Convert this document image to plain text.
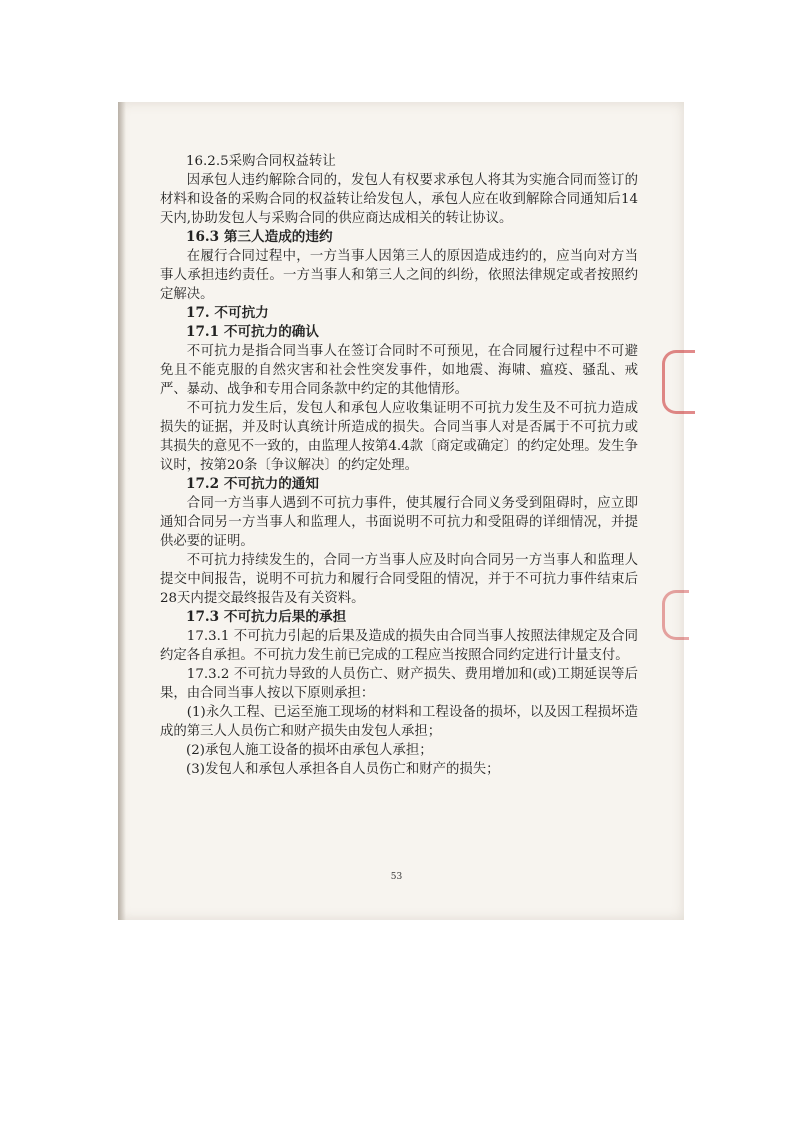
16.2.5采购合同权益转让

因承包人违约解除合同的，发包人有权要求承包人将其为实施合同而签订的材料和设备的采购合同的权益转让给发包人，承包人应在收到解除合同通知后14天内,协助发包人与采购合同的供应商达成相关的转让协议。

16.3 第三人造成的违约

在履行合同过程中，一方当事人因第三人的原因造成违约的，应当向对方当事人承担违约责任。一方当事人和第三人之间的纠纷，依照法律规定或者按照约定解决。

17. 不可抗力

17.1 不可抗力的确认

不可抗力是指合同当事人在签订合同时不可预见，在合同履行过程中不可避免且不能克服的自然灾害和社会性突发事件，如地震、海啸、瘟疫、骚乱、戒严、暴动、战争和专用合同条款中约定的其他情形。

不可抗力发生后，发包人和承包人应收集证明不可抗力发生及不可抗力造成损失的证据，并及时认真统计所造成的损失。合同当事人对是否属于不可抗力或其损失的意见不一致的，由监理人按第4.4款〔商定或确定〕的约定处理。发生争议时，按第20条〔争议解决〕的约定处理。

17.2 不可抗力的通知

合同一方当事人遇到不可抗力事件，使其履行合同义务受到阻碍时，应立即通知合同另一方当事人和监理人，书面说明不可抗力和受阻碍的详细情况，并提供必要的证明。

不可抗力持续发生的，合同一方当事人应及时向合同另一方当事人和监理人提交中间报告，说明不可抗力和履行合同受阻的情况，并于不可抗力事件结束后28天内提交最终报告及有关资料。

17.3 不可抗力后果的承担

17.3.1 不可抗力引起的后果及造成的损失由合同当事人按照法律规定及合同约定各自承担。不可抗力发生前已完成的工程应当按照合同约定进行计量支付。

17.3.2 不可抗力导致的人员伤亡、财产损失、费用增加和(或)工期延误等后果，由合同当事人按以下原则承担：

(1)永久工程、已运至施工现场的材料和工程设备的损坏，以及因工程损坏造成的第三人人员伤亡和财产损失由发包人承担；

(2)承包人施工设备的损坏由承包人承担；

(3)发包人和承包人承担各自人员伤亡和财产的损失；

53
